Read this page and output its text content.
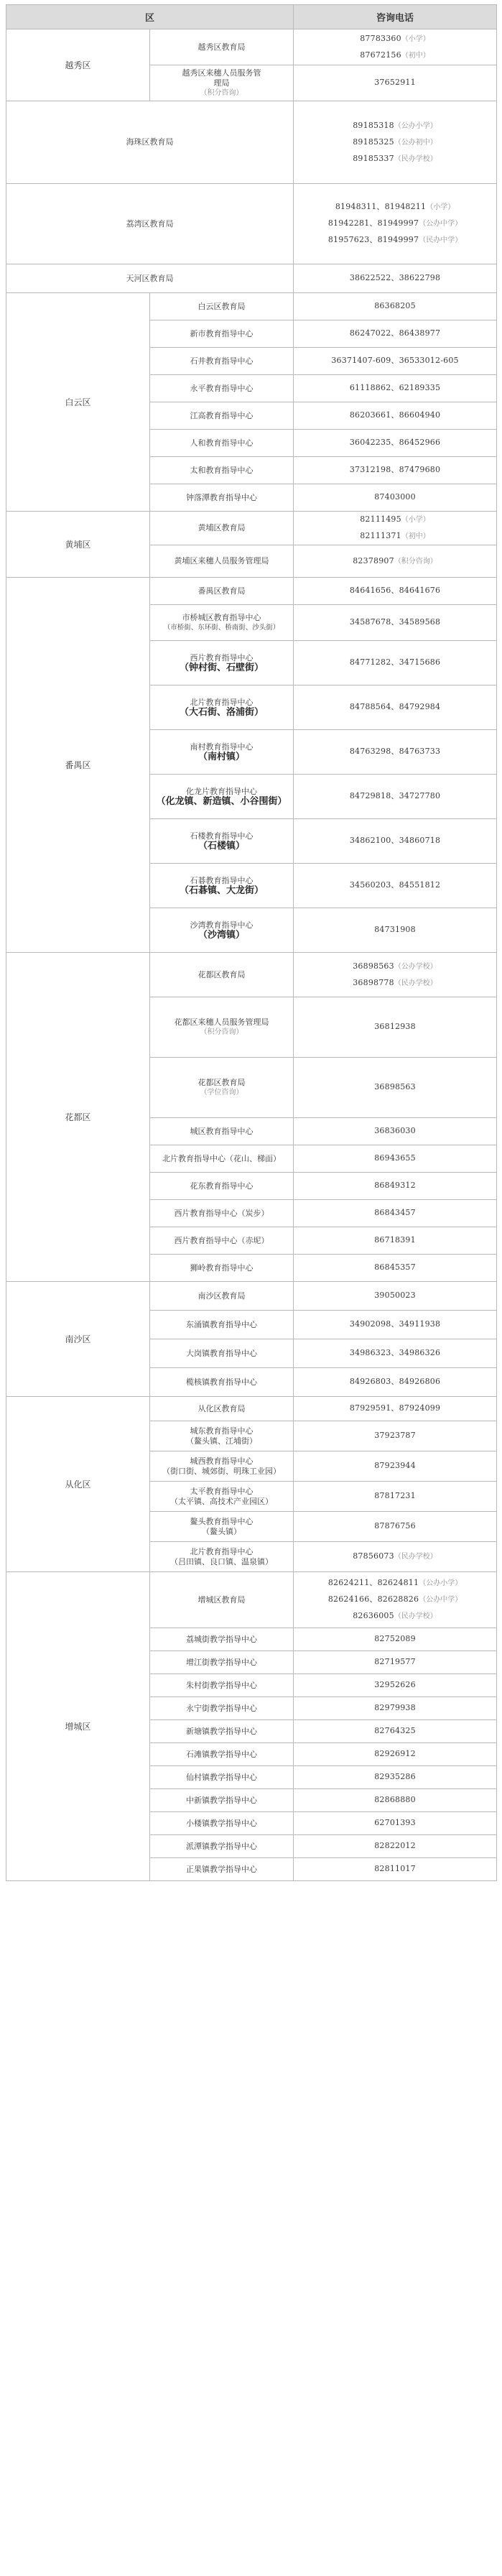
区		咨询电话
越秀区	越秀区教育局	87783360（小学）
87672156（初中）

	越秀区来穗人员服务管
理局
（积分咨询）	37652911

海珠区教育局		89185318（公办小学）
89185325（公办初中）
89185337（民办学校）

荔湾区教育局		81948311、81948211（小学）
81942281、81949997（公办中学）
81957623、81949997（民办中学）

天河区教育局		38622522、38622798

白云区	白云区教育局	86368205

	新市教育指导中心	86247022、86438977

	石井教育指导中心	36371407-609、36533012-605

	永平教育指导中心	61118862、62189335

	江高教育指导中心	86203661、86604940

	人和教育指导中心	36042235、86452966

	太和教育指导中心	37312198、87479680

	钟落潭教育指导中心	87403000

黄埔区	黄埔区教育局	82111495（小学）
82111371（初中）

	黄埔区来穗人员服务管理局	82378907（积分咨询）

番禺区	番禺区教育局	84641656、84641676

	市桥城区教育指导中心
（市桥街、东环街、桥南街、沙头街）	34587678、34589568

	西片教育指导中心
（钟村街、石壁街）	84771282、34715686

	北片教育指导中心
（大石街、洛浦街）	84788564、84792984

	南村教育指导中心
（南村镇）	84763298、84763733

	化龙片教育指导中心
（化龙镇、新造镇、小谷围街）	84729818、34727780

	石楼教育指导中心
（石楼镇）	34862100、34860718

	石碁教育指导中心
（石碁镇、大龙街）	34560203、84551812

	沙湾教育指导中心
（沙湾镇）	84731908

花都区	花都区教育局	36898563（公办学校）
36898778（民办学校）

	花都区来穗人员服务管理局
（积分咨询）	36812938

	花都区教育局
（学位咨询）	36898563

	城区教育指导中心	36836030

	北片教育指导中心（花山、梯面）	86943655

	花东教育指导中心	86849312

	西片教育指导中心（炭步）	86843457

	西片教育指导中心（赤坭）	86718391

	狮岭教育指导中心	86845357

南沙区	南沙区教育局	39050023

	东涌镇教育指导中心	34902098、34911938

	大岗镇教育指导中心	34986323、34986326

	榄核镇教育指导中心	84926803、84926806

从化区	从化区教育局	87929591、87924099

	城东教育指导中心
（鳌头镇、江埔街）	37923787

	城西教育指导中心
（街口街、城郊街、明珠工业园）	87923944

	太平教育指导中心
（太平镇、高技术产业园区）	87817231

	鳌头教育指导中心
（鳌头镇）	87876756

	北片教育指导中心
（吕田镇、良口镇、温泉镇）	87856073（民办学校）

增城区	增城区教育局	82624211、82624811（公办小学）
82624166、82628826（公办中学）
82636005（民办学校）

	荔城街教学指导中心	82752089

	增江街教学指导中心	82719577

	朱村街教学指导中心	32952626

	永宁街教学指导中心	82979938

	新塘镇教学指导中心	82764325

	石滩镇教学指导中心	82926912

	仙村镇教学指导中心	82935286

	中新镇教学指导中心	82868880

	小楼镇教学指导中心	62701393

	派潭镇教学指导中心	82822012

	正果镇教学指导中心	82811017
